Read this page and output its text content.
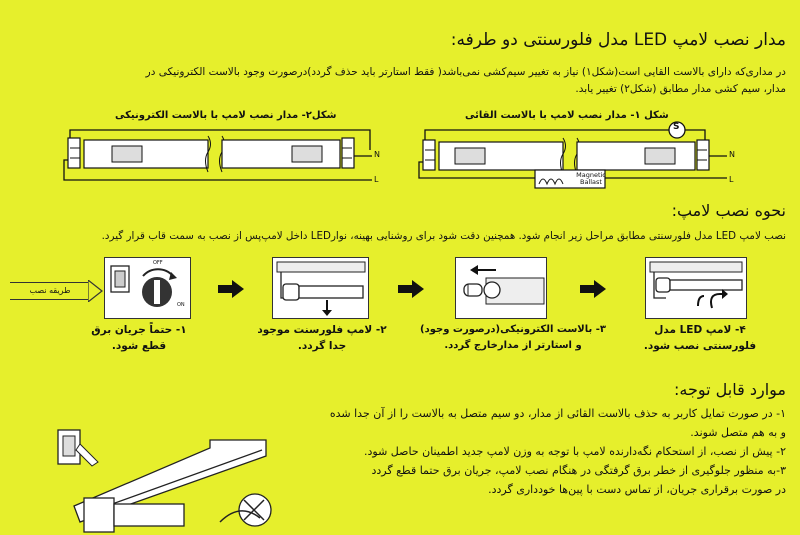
مدار نصب لامپ LED مدل فلورسنتی دو طرفه:
در مداری‌که دارای بالاست القایی است(شکل۱) نیاز به تغییر سیم‌کشی نمی‌باشد( فقط استارتر باید حذف گردد)درصورت وجود بالاست الکترونیکی در
مدار، سیم کشی مدار مطابق (شکل۲) تغییر یابد.
شکل۲- مدار نصب لامپ با بالاست الکترونیکی	شکل ۱- مدار نصب لامپ با بالاست القائی
N
L
S
Magnetic
Ballast
N
L
نحوه نصب لامپ:
نصب لامپ LED مدل فلورسنتی مطابق مراحل زیر انجام شود. همچنین دقت شود برای روشنایی بهینه، نوارLED داخل لامپ‌پس از نصب به سمت قاب قرار گیرد.
طریقه نصب
OFF
ON
۱- حتماً جریان برق
قطع شود.
۲- لامپ فلورسنت موجود
جدا گردد.
۳- بالاست الکترونیکی(درصورت وجود)
و استارتر از مدارخارج گردد.
۴- لامپ LED مدل
فلورسنتی نصب شود.
موارد قابل توجه:
۱- در صورت تمایل کاربر به حذف بالاست القائی از مدار، دو سیم متصل به بالاست را از آن جدا شده
و به هم متصل شوند.
۲- پیش از نصب، از استحکام نگه‌دارنده لامپ با توجه به وزن لامپ جدید اطمینان حاصل شود.
۳-به منظور جلوگیری از خطر برق گرفتگی در هنگام نصب لامپ، جریان برق حتما قطع گردد
در صورت برقراری جریان، از تماس دست با پین‌ها خودداری گردد.
